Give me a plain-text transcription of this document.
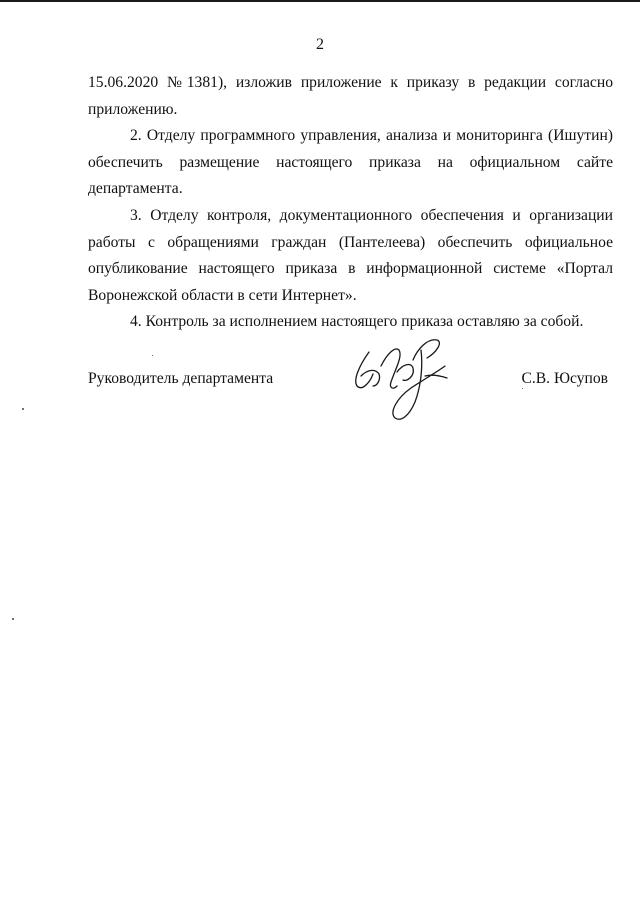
2

15.06.2020 №1381), изложив приложение к приказу в редакции согласно приложению.

2. Отделу программного управления, анализа и мониторинга (Ишутин) обеспечить размещение настоящего приказа на официальном сайте департамента.

3. Отделу контроля, документационного обеспечения и организации работы с обращениями граждан (Пантелеева) обеспечить официальное опубликование настоящего приказа в информационной системе «Портал Воронежской области в сети Интернет».

4. Контроль за исполнением настоящего приказа оставляю за собой.

Руководитель департамента	С.В. Юсупов
